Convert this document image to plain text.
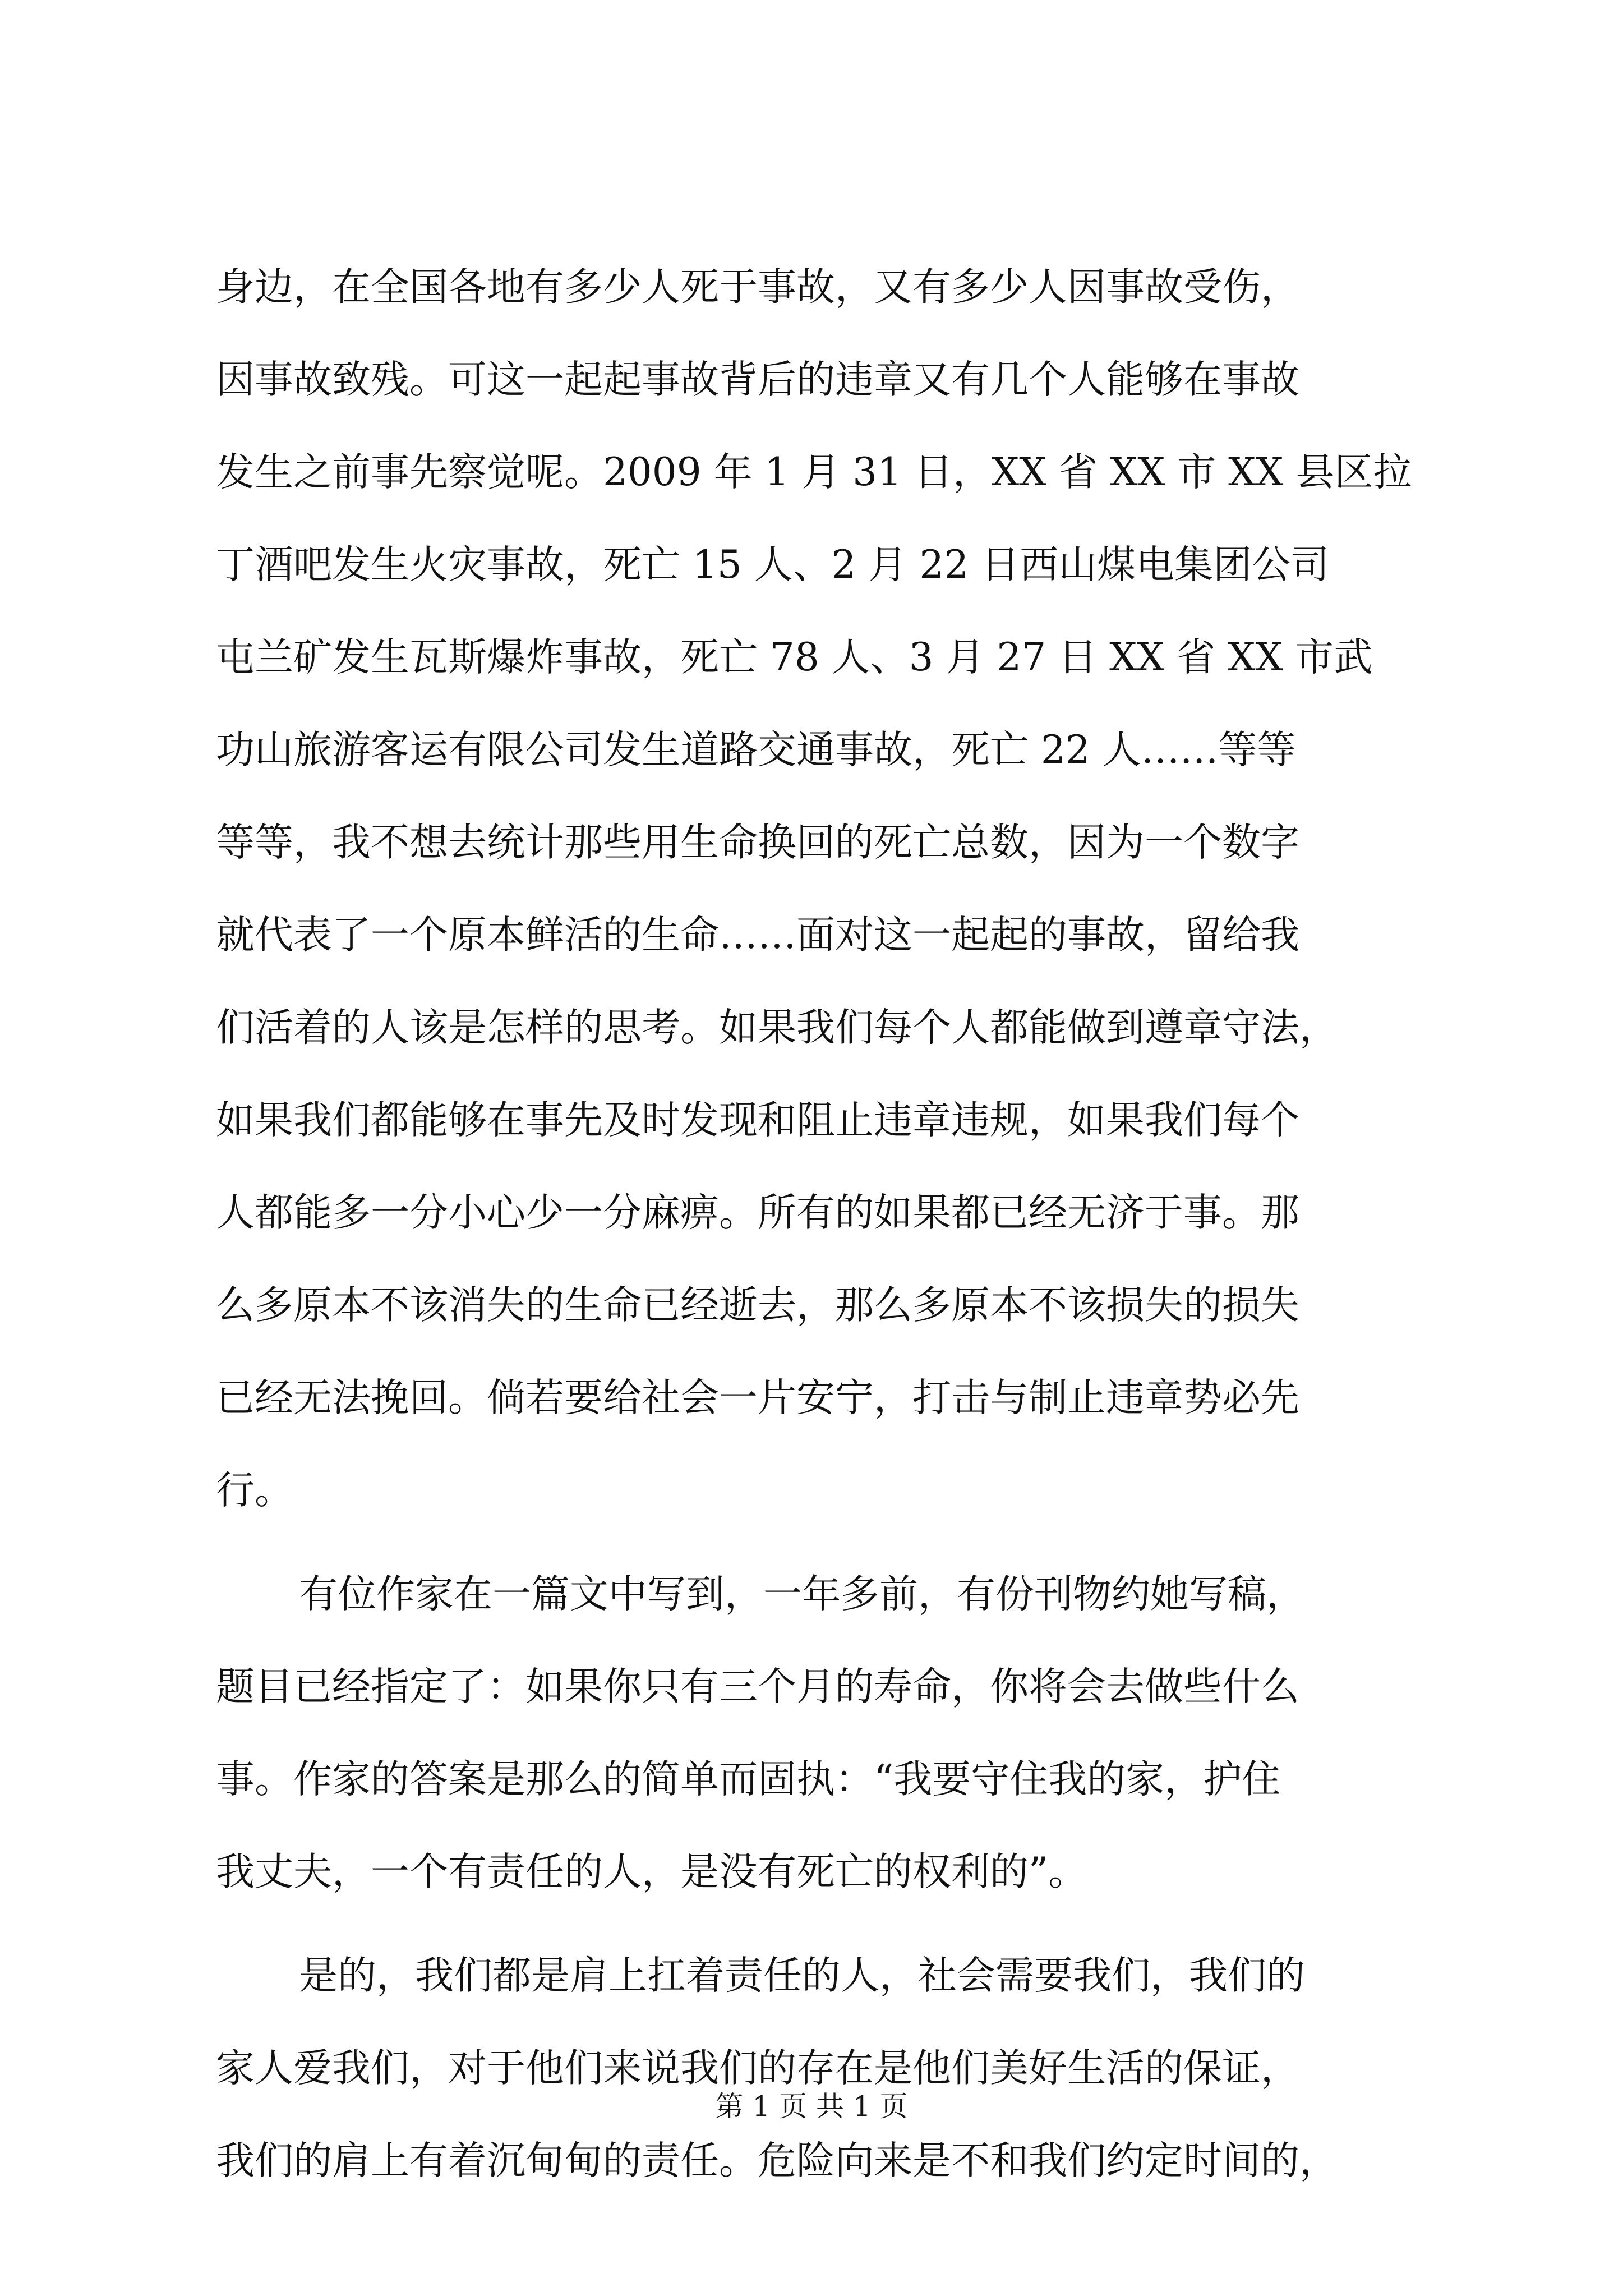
身边，在全国各地有多少人死于事故，又有多少人因事故受伤，
因事故致残。可这一起起事故背后的违章又有几个人能够在事故
发生之前事先察觉呢。2009 年 1 月 31 日，XX 省 XX 市 XX 县区拉
丁酒吧发生火灾事故，死亡 15 人、2 月 22 日西山煤电集团公司
屯兰矿发生瓦斯爆炸事故，死亡 78 人、3 月 27 日 XX 省 XX 市武
功山旅游客运有限公司发生道路交通事故，死亡 22 人……等等
等等，我不想去统计那些用生命换回的死亡总数，因为一个数字
就代表了一个原本鲜活的生命……面对这一起起的事故，留给我
们活着的人该是怎样的思考。如果我们每个人都能做到遵章守法，
如果我们都能够在事先及时发现和阻止违章违规，如果我们每个
人都能多一分小心少一分麻痹。所有的如果都已经无济于事。那
么多原本不该消失的生命已经逝去，那么多原本不该损失的损失
已经无法挽回。倘若要给社会一片安宁，打击与制止违章势必先
行。
有位作家在一篇文中写到，一年多前，有份刊物约她写稿，
题目已经指定了：如果你只有三个月的寿命，你将会去做些什么
事。作家的答案是那么的简单而固执：“我要守住我的家，护住
我丈夫，一个有责任的人，是没有死亡的权利的”。
是的，我们都是肩上扛着责任的人，社会需要我们，我们的
家人爱我们，对于他们来说我们的存在是他们美好生活的保证，
我们的肩上有着沉甸甸的责任。危险向来是不和我们约定时间的，
第 1 页 共 1 页
